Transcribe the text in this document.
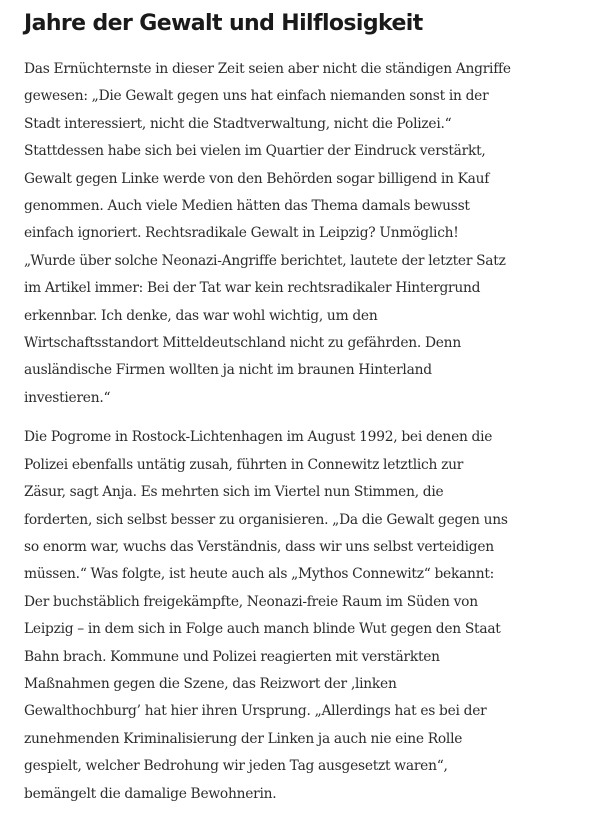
Jahre der Gewalt und Hilflosigkeit

Das Ernüchternste in dieser Zeit seien aber nicht die ständigen Angriffe
gewesen: „Die Gewalt gegen uns hat einfach niemanden sonst in der
Stadt interessiert, nicht die Stadtverwaltung, nicht die Polizei.“
Stattdessen habe sich bei vielen im Quartier der Eindruck verstärkt,
Gewalt gegen Linke werde von den Behörden sogar billigend in Kauf
genommen. Auch viele Medien hätten das Thema damals bewusst
einfach ignoriert. Rechtsradikale Gewalt in Leipzig? Unmöglich!
„Wurde über solche Neonazi-Angriffe berichtet, lautete der letzter Satz
im Artikel immer: Bei der Tat war kein rechtsradikaler Hintergrund
erkennbar. Ich denke, das war wohl wichtig, um den
Wirtschaftsstandort Mitteldeutschland nicht zu gefährden. Denn
ausländische Firmen wollten ja nicht im braunen Hinterland
investieren.“

Die Pogrome in Rostock-Lichtenhagen im August 1992, bei denen die
Polizei ebenfalls untätig zusah, führten in Connewitz letztlich zur
Zäsur, sagt Anja. Es mehrten sich im Viertel nun Stimmen, die
forderten, sich selbst besser zu organisieren. „Da die Gewalt gegen uns
so enorm war, wuchs das Verständnis, dass wir uns selbst verteidigen
müssen.“ Was folgte, ist heute auch als „Mythos Connewitz“ bekannt:
Der buchstäblich freigekämpfte, Neonazi-freie Raum im Süden von
Leipzig – in dem sich in Folge auch manch blinde Wut gegen den Staat
Bahn brach. Kommune und Polizei reagierten mit verstärkten
Maßnahmen gegen die Szene, das Reizwort der ‚linken
Gewalthochburg’ hat hier ihren Ursprung. „Allerdings hat es bei der
zunehmenden Kriminalisierung der Linken ja auch nie eine Rolle
gespielt, welcher Bedrohung wir jeden Tag ausgesetzt waren“,
bemängelt die damalige Bewohnerin.
